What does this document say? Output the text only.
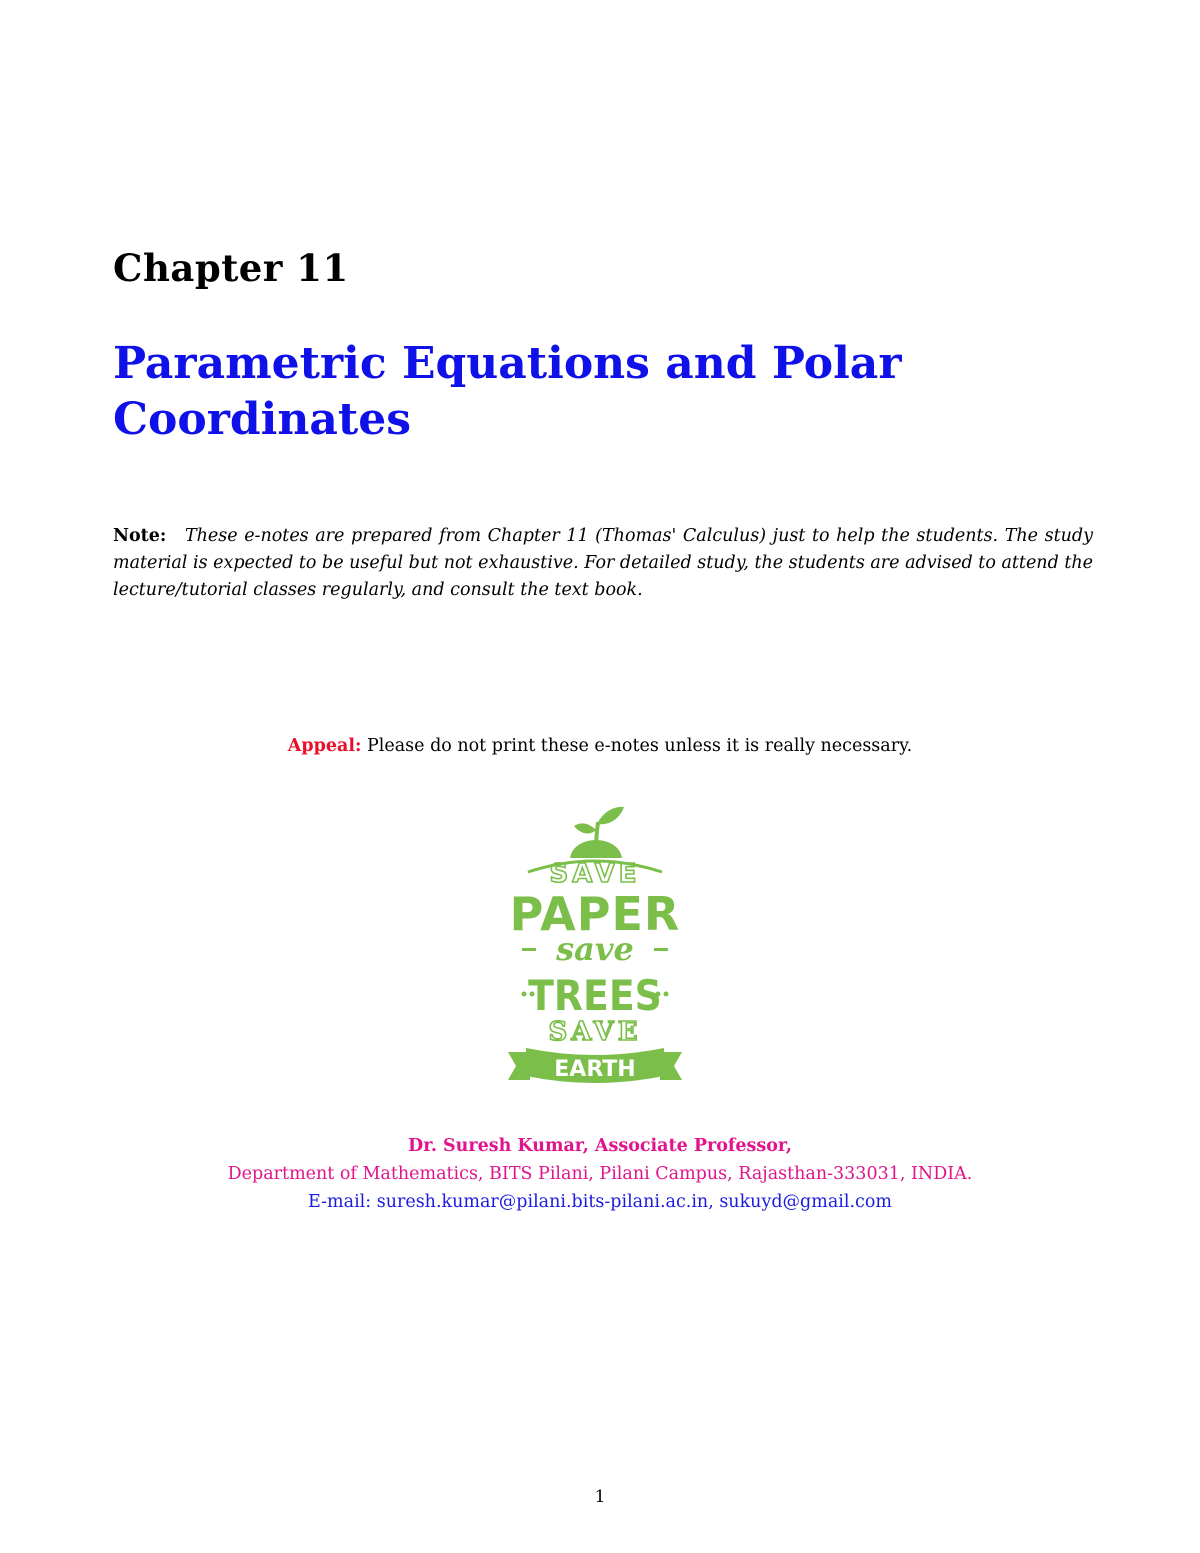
Chapter 11
Parametric Equations and Polar
Coordinates

Note: These e-notes are prepared from Chapter 11 (Thomas' Calculus) just to help the students. The study material is expected to be useful but not exhaustive. For detailed study, the students are advised to attend the lecture/tutorial classes regularly, and consult the text book.

Appeal: Please do not print these e-notes unless it is really necessary.

SAVE
PAPER
save
TREES
SAVE
EARTH

Dr. Suresh Kumar, Associate Professor,
Department of Mathematics, BITS Pilani, Pilani Campus, Rajasthan-333031, INDIA.
E-mail: suresh.kumar@pilani.bits-pilani.ac.in, sukuyd@gmail.com

1
